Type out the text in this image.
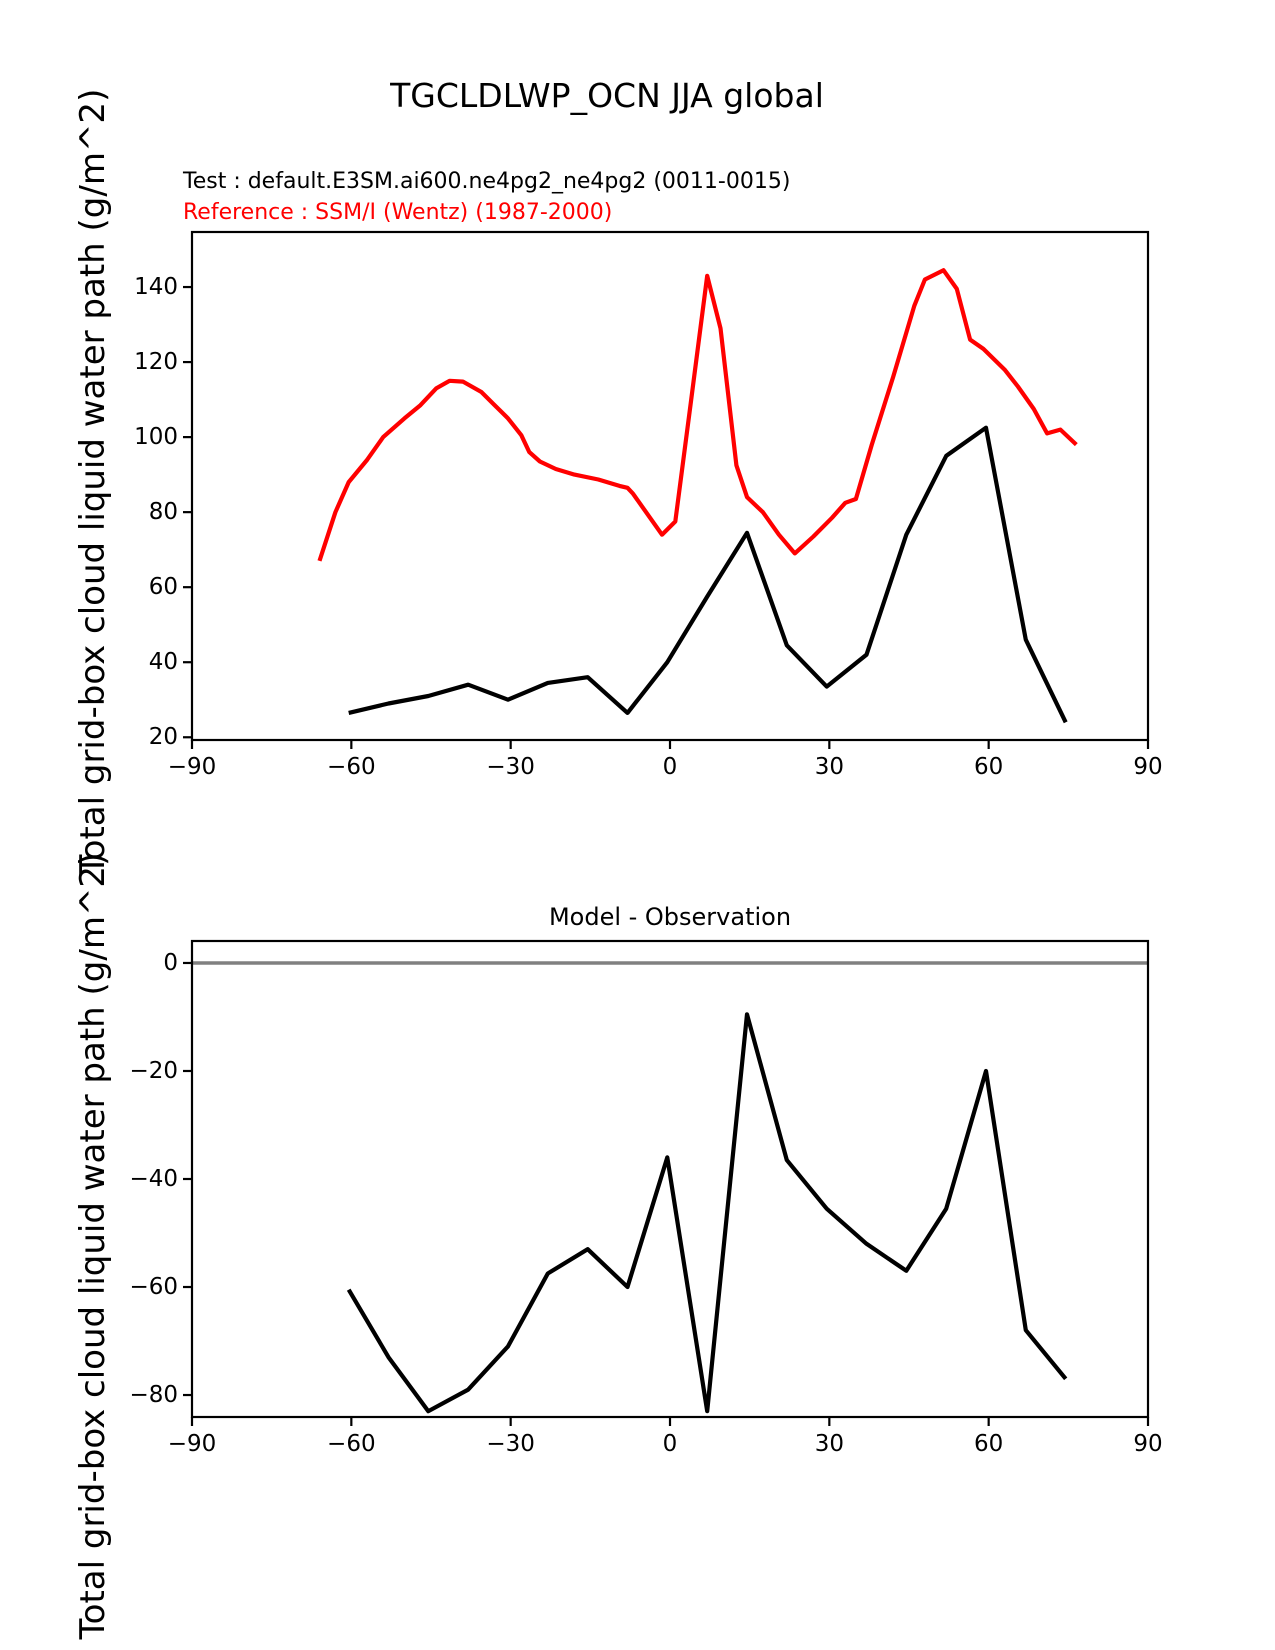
TGCLDLWP_OCN JJA global
Test : default.E3SM.ai600.ne4pg2_ne4pg2 (0011-0015)
Reference : SSM/I (Wentz) (1987-2000)
Total grid-box cloud liquid water path (g/m^2)
Model - Observation
Total grid-box cloud liquid water path (g/m^2)
−90	−60	−30	0	30	60	90
140
120
100
80
60
40
20
−90	−60	−30	0	30	60	90
0
−20
−40
−60
−80
